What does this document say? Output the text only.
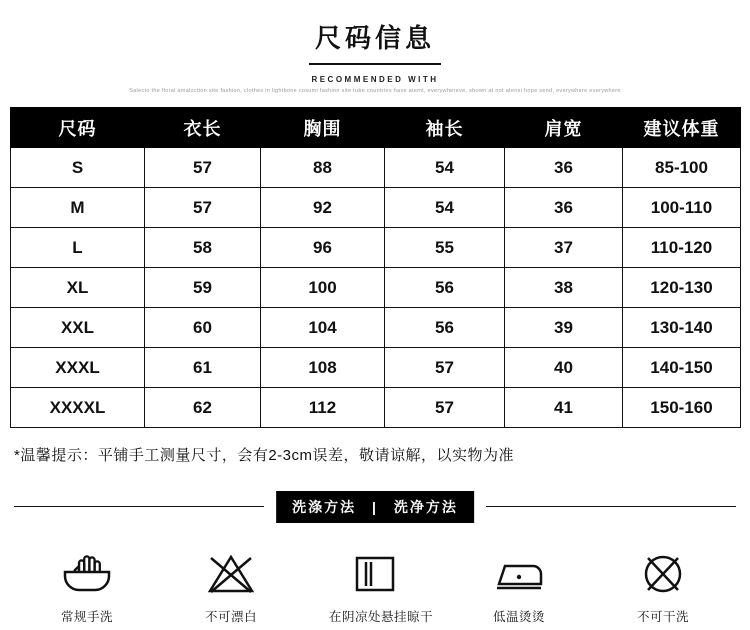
尺码信息
RECOMMENDED WITH
Salecto the floral amaloction site fashion, clothes in lightbone cosumi fashion site tube countries have atemt, everywhereve, shown at not atensi hope send, everywhere everywhere
尺码	衣长	胸围	袖长	肩宽	建议体重
S	57	88	54	36	85-100
M	57	92	54	36	100-110
L	58	96	55	37	110-120
XL	59	100	56	38	120-130
XXL	60	104	56	39	130-140
XXXL	61	108	57	40	140-150
XXXXL	62	112	57	41	150-160
*温馨提示：平铺手工测量尺寸，会有2-3cm误差，敬请谅解，以实物为准
洗涤方法 | 洗净方法
常规手洗	不可漂白	在阴凉处悬挂晾干	低温烫烫	不可干洗
